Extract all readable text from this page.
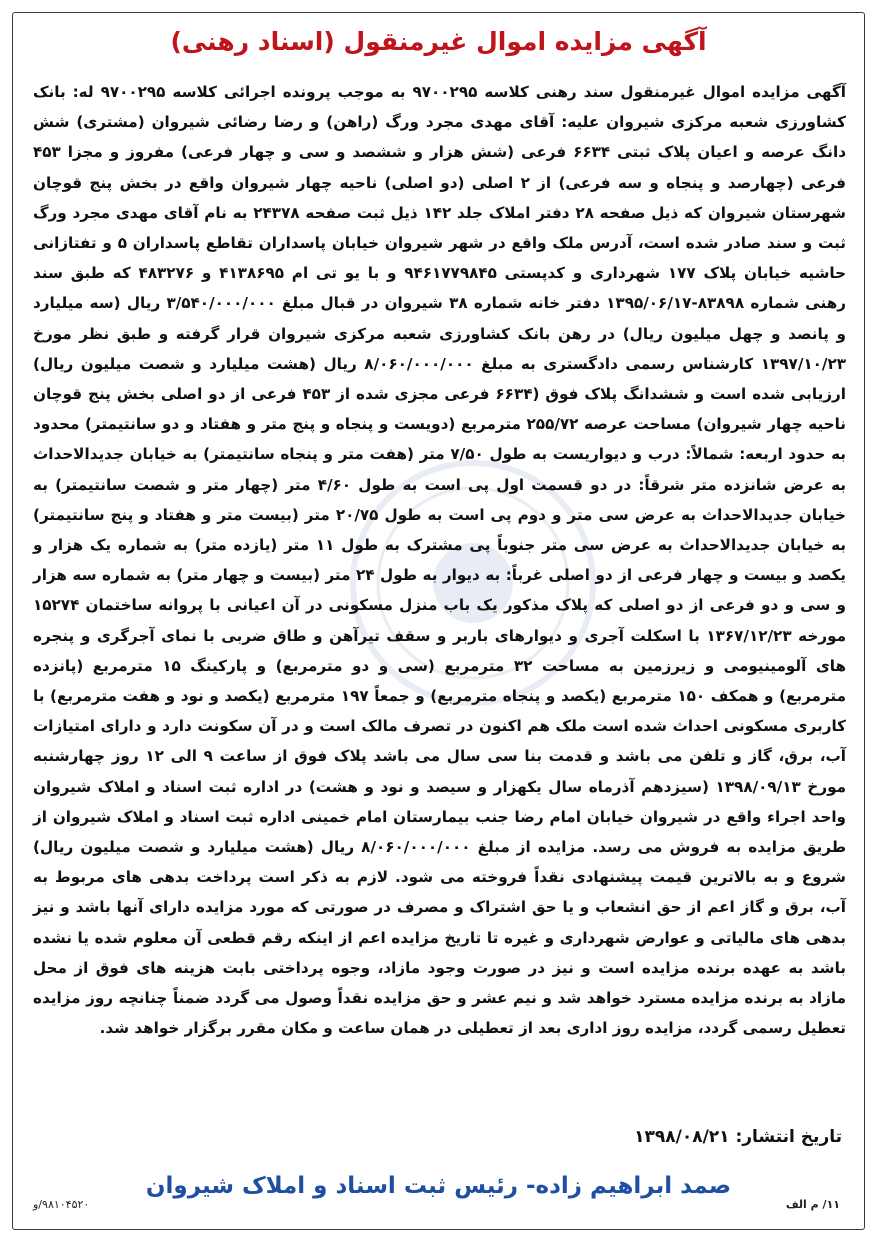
آگهی مزایده اموال غیرمنقول (اسناد رهنی)
آگهی مزایده اموال غیرمنقول سند رهنی کلاسه ۹۷۰۰۲۹۵ به موجب پرونده اجرائی کلاسه ۹۷۰۰۲۹۵ له: بانک کشاورزی شعبه مرکزی شیروان علیه: آقای مهدی مجرد ورگ (راهن) و رضا رضائی شیروان (مشتری) شش دانگ عرصه و اعیان پلاک ثبتی ۶۶۳۴ فرعی (شش هزار و ششصد و سی و چهار فرعی) مفروز و مجزا ۴۵۳ فرعی (چهارصد و پنجاه و سه فرعی) از ۲ اصلی (دو اصلی) ناحیه چهار شیروان واقع در بخش پنج قوچان شهرستان شیروان که ذیل صفحه ۲۸ دفتر املاک جلد ۱۴۲ ذیل ثبت صفحه ۲۴۳۷۸ به نام آقای مهدی مجرد ورگ ثبت و سند صادر شده است، آدرس ملک واقع در شهر شیروان خیابان پاسداران تقاطع پاسداران ۵ و تفتازانی حاشیه خیابان پلاک ۱۷۷ شهرداری و کدپستی ۹۴۶۱۷۷۹۸۴۵ و با یو تی ام ۴۱۳۸۶۹۵ و ۴۸۳۲۷۶ که طبق سند رهنی شماره ۸۳۸۹۸-۱۳۹۵/۰۶/۱۷ دفتر خانه شماره ۳۸ شیروان در قبال مبلغ ۳/۵۴۰/۰۰۰/۰۰۰ ریال (سه میلیارد و پانصد و چهل میلیون ریال) در رهن بانک کشاورزی شعبه مرکزی شیروان قرار گرفته و طبق نظر مورخ ۱۳۹۷/۱۰/۲۳ کارشناس رسمی دادگستری به مبلغ ۸/۰۶۰/۰۰۰/۰۰۰ ریال (هشت میلیارد و شصت میلیون ریال) ارزیابی شده است و ششدانگ پلاک فوق (۶۶۳۴ فرعی مجزی شده از ۴۵۳ فرعی از دو اصلی بخش پنج قوچان ناحیه چهار شیروان) مساحت عرصه ۲۵۵/۷۲ مترمربع (دویست و پنجاه و پنج متر و هفتاد و دو سانتیمتر) محدود به حدود اربعه: شمالاً: درب و دیواریست به طول ۷/۵۰ متر (هفت متر و پنجاه سانتیمتر) به خیابان جدیدالاحداث به عرض شانزده متر شرقاً: در دو قسمت اول پی است به طول ۴/۶۰ متر (چهار متر و شصت سانتیمتر) به خیابان جدیدالاحداث به عرض سی متر و دوم پی است به طول ۲۰/۷۵ متر (بیست متر و هفتاد و پنج سانتیمتر) به خیابان جدیدالاحداث به عرض سی متر جنوباً پی مشترک به طول ۱۱ متر (یازده متر) به شماره یک هزار و یکصد و بیست و چهار فرعی از دو اصلی غرباً: به دیوار به طول ۲۴ متر (بیست و چهار متر) به شماره سه هزار و سی و دو فرعی از دو اصلی که پلاک مذکور یک باب منزل مسکونی در آن اعیانی با پروانه ساختمان ۱۵۲۷۴ مورخه ۱۳۶۷/۱۲/۲۳ با اسکلت آجری و دیوارهای باربر و سقف تیرآهن و طاق ضربی با نمای آجرگری و پنجره های آلومینیومی و زیرزمین به مساحت ۳۲ مترمربع (سی و دو مترمربع) و پارکینگ ۱۵ مترمربع (پانزده مترمربع) و همکف ۱۵۰ مترمربع (یکصد و پنجاه مترمربع) و جمعاً ۱۹۷ مترمربع (یکصد و نود و هفت مترمربع) با کاربری مسکونی احداث شده است ملک هم اکنون در تصرف مالک است و در آن سکونت دارد و دارای امتیازات آب، برق، گاز و تلفن می باشد و قدمت بنا سی سال می باشد پلاک فوق از ساعت ۹ الی ۱۲ روز چهارشنبه مورخ ۱۳۹۸/۰۹/۱۳ (سیزدهم آذرماه سال یکهزار و سیصد و نود و هشت) در اداره ثبت اسناد و املاک شیروان واحد اجراء واقع در شیروان خیابان امام رضا جنب بیمارستان امام خمینی اداره ثبت اسناد و املاک شیروان از طریق مزایده به فروش می رسد. مزایده از مبلغ ۸/۰۶۰/۰۰۰/۰۰۰ ریال (هشت میلیارد و شصت میلیون ریال) شروع و به بالاترین قیمت پیشنهادی نقداً فروخته می شود. لازم به ذکر است پرداخت بدهی های مربوط به آب، برق و گاز اعم از حق انشعاب و یا حق اشتراک و مصرف در صورتی که مورد مزایده دارای آنها باشد و نیز بدهی های مالیاتی و عوارض شهرداری و غیره تا تاریخ مزایده اعم از اینکه رقم قطعی آن معلوم شده یا نشده باشد به عهده برنده مزایده است و نیز در صورت وجود مازاد، وجوه پرداختی بابت هزینه های فوق از محل مازاد به برنده مزایده مسترد خواهد شد و نیم عشر و حق مزایده نقداً وصول می گردد ضمناً چنانچه روز مزایده تعطیل رسمی گردد، مزایده روز اداری بعد از تعطیلی در همان ساعت و مکان مقرر برگزار خواهد شد.
تاریخ انتشار: ۱۳۹۸/۰۸/۲۱
صمد ابراهیم زاده- رئیس ثبت اسناد و املاک شیروان
۱۱/ م الف
۹۸۱۰۴۵۲۰/و
